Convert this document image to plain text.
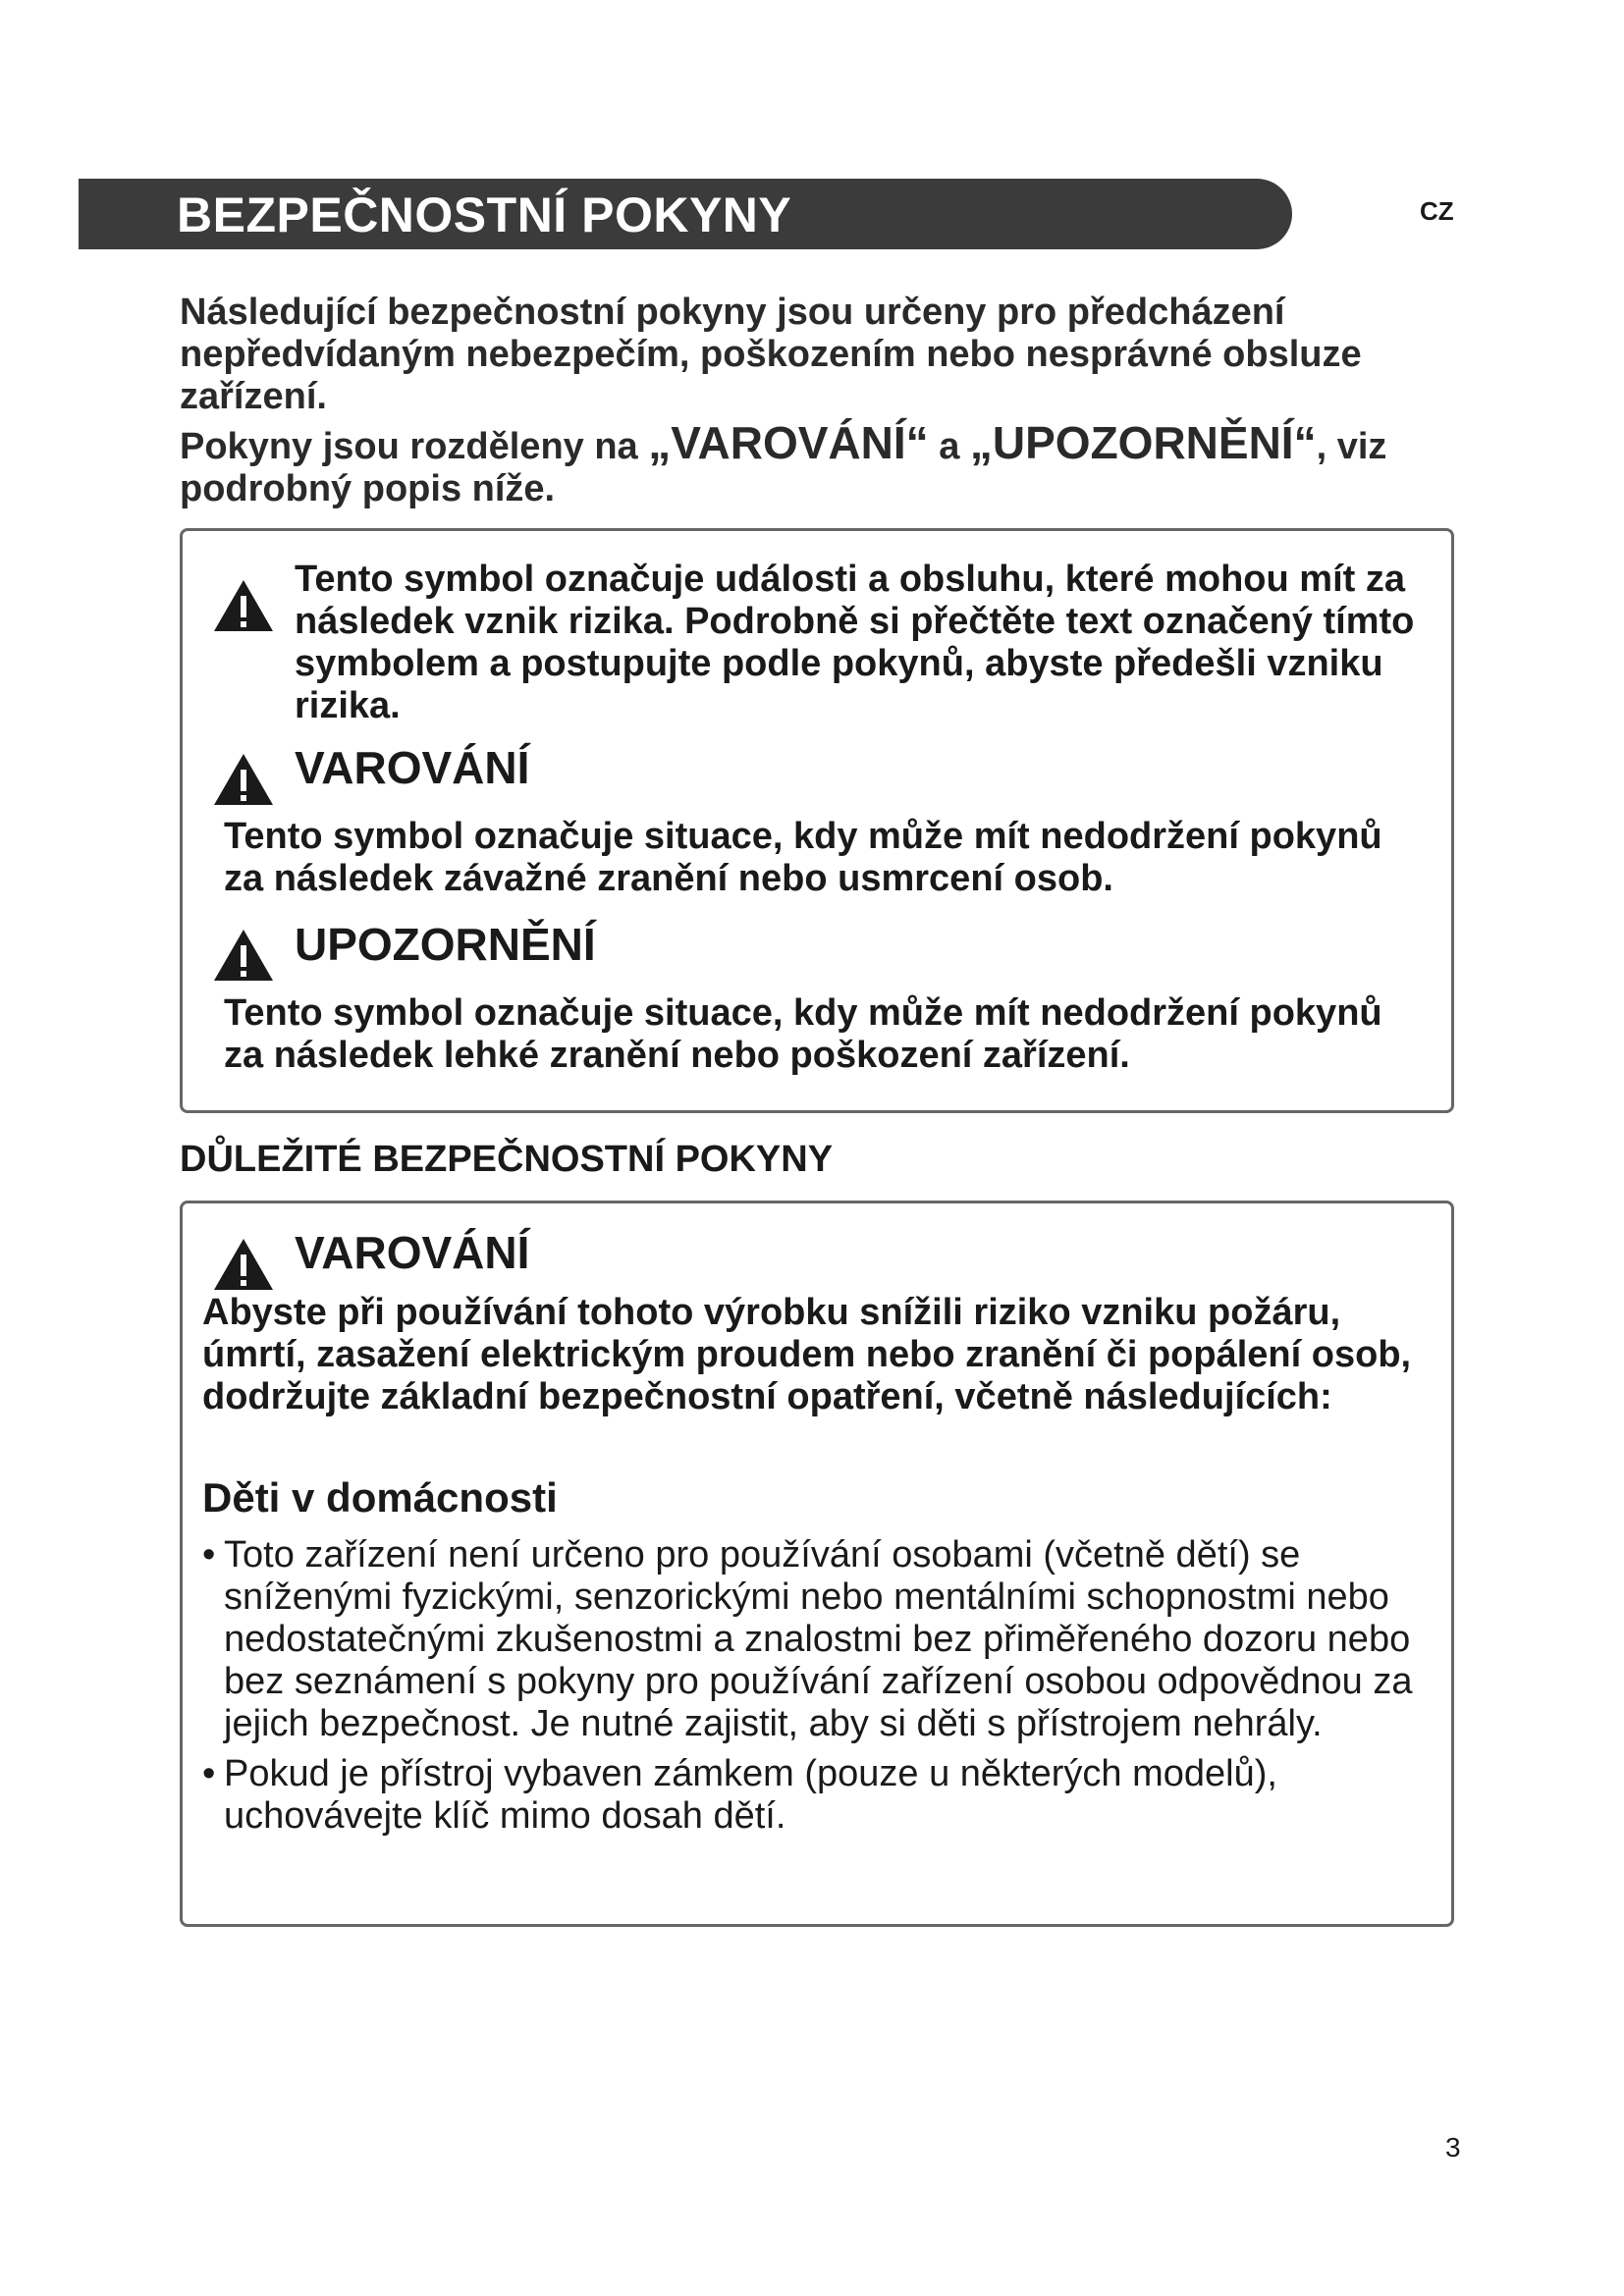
BEZPEČNOSTNÍ POKYNY	CZ

Následující bezpečnostní pokyny jsou určeny pro předcházení nepředvídaným nebezpečím, poškozením nebo nesprávné obsluze zařízení.

Pokyny jsou rozděleny na „VAROVÁNÍ“ a „UPOZORNĚNÍ“, viz podrobný popis níže.

Tento symbol označuje události a obsluhu, které mohou mít za následek vznik rizika. Podrobně si přečtěte text označený tímto symbolem a postupujte podle pokynů, abyste předešli vzniku rizika.
VAROVÁNÍ
Tento symbol označuje situace, kdy může mít nedodržení pokynů za následek závažné zranění nebo usmrcení osob.
UPOZORNĚNÍ
Tento symbol označuje situace, kdy může mít nedodržení pokynů za následek lehké zranění nebo poškození zařízení.
DŮLEŽITÉ BEZPEČNOSTNÍ POKYNY
VAROVÁNÍ
Abyste při používání tohoto výrobku snížili riziko vzniku požáru, úmrtí, zasažení elektrickým proudem nebo zranění či popálení osob, dodržujte základní bezpečnostní opatření, včetně následujících:
Děti v domácnosti
• Toto zařízení není určeno pro používání osobami (včetně dětí) se sníženými fyzickými, senzorickými nebo mentálními schopnostmi nebo nedostatečnými zkušenostmi a znalostmi bez přiměřeného dozoru nebo bez seznámení s pokyny pro používání zařízení osobou odpovědnou za jejich bezpečnost. Je nutné zajistit, aby si děti s přístrojem nehrály.
• Pokud je přístroj vybaven zámkem (pouze u některých modelů), uchovávejte klíč mimo dosah dětí.
3
